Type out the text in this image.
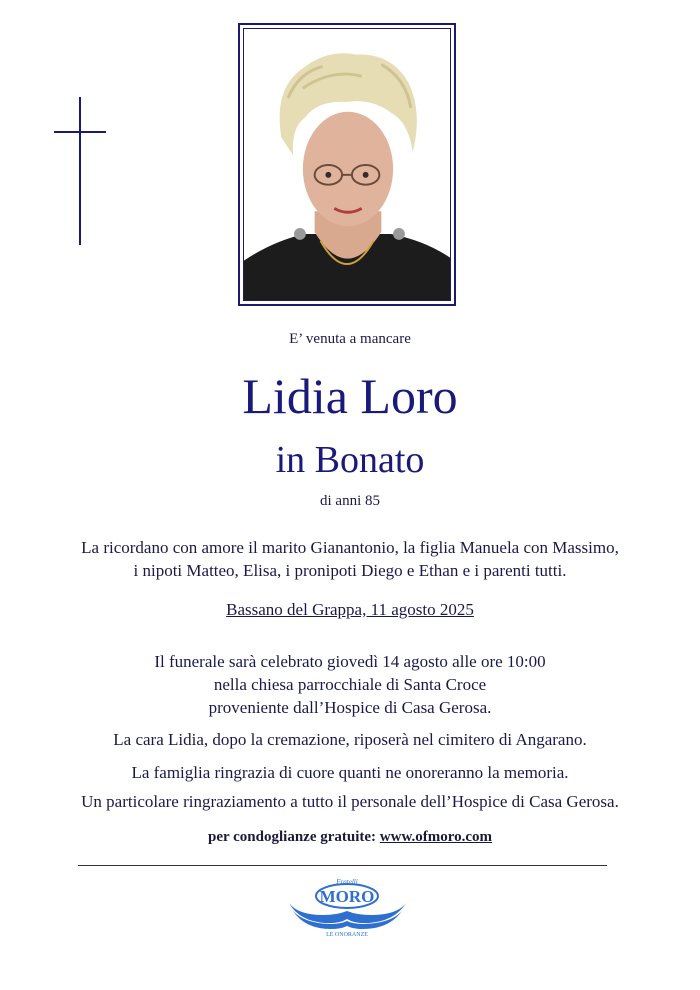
E’ venuta a mancare
Lidia Loro
in Bonato
di anni 85
La ricordano con amore il marito Gianantonio, la figlia Manuela con Massimo,
i nipoti Matteo, Elisa, i pronipoti Diego e Ethan e i parenti tutti.
Bassano del Grappa, 11 agosto 2025
Il funerale sarà celebrato giovedì 14 agosto alle ore 10:00
nella chiesa parrocchiale di Santa Croce
proveniente dall’Hospice di Casa Gerosa.
La cara Lidia, dopo la cremazione, riposerà nel cimitero di Angarano.
La famiglia ringrazia di cuore quanti ne onoreranno la memoria.
Un particolare ringraziamento a tutto il personale dell’Hospice di Casa Gerosa.
per condoglianze gratuite: www.ofmoro.com
Fratelli
MORO
LE ONORANZE
